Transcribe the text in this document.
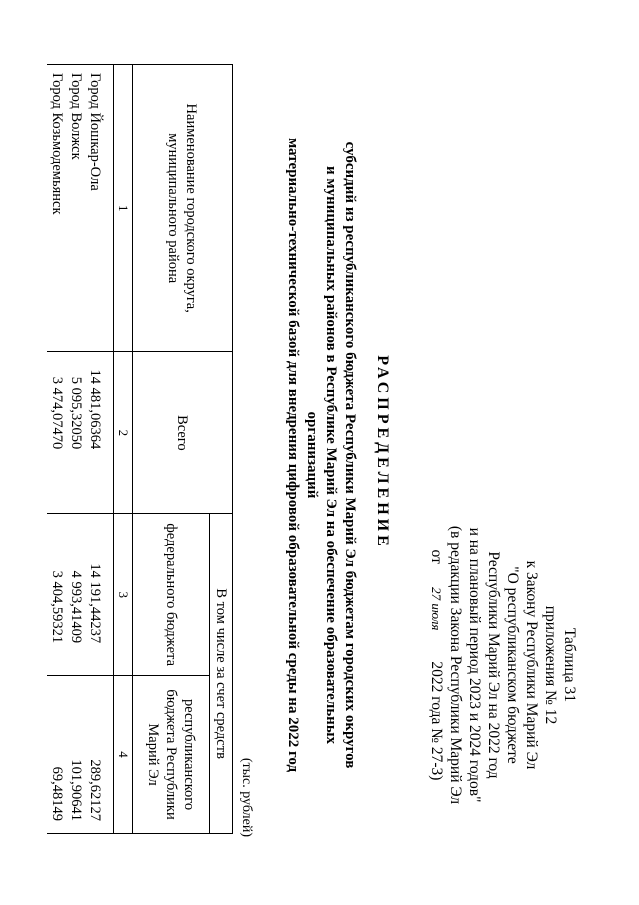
Таблица 31
приложения № 12
к Закону Республики Марий Эл
"О республиканском бюджете
Республики Марий Эл на 2022 год
и на плановый период 2023 и 2024 годов"
(в редакции Закона Республики Марий Эл
от      27 июля        2022 года № 27-З)
РАСПРЕДЕЛЕНИЕ
субсидий из республиканского бюджета Республики Марий Эл бюджетам городских округов
и муниципальных районов в Республике Марий Эл на обеспечение образовательных организаций
материально-технической базой для внедрения цифровой образовательной среды на 2022 год
(тыс. рублей)
Наименование городского округа, муниципального района	Всего	В том числе за счет средств	
		федерального бюджета	республиканского бюджета Республики Марий Эл
1	2	3	4
Город Йошкар-Ола	14 481,06364	14 191,44237	289,62127
Город Волжск	5 095,32050	4 993,41409	101,90641
Город Козьмодемьянск	3 474,07470	3 404,59321	69,48149
